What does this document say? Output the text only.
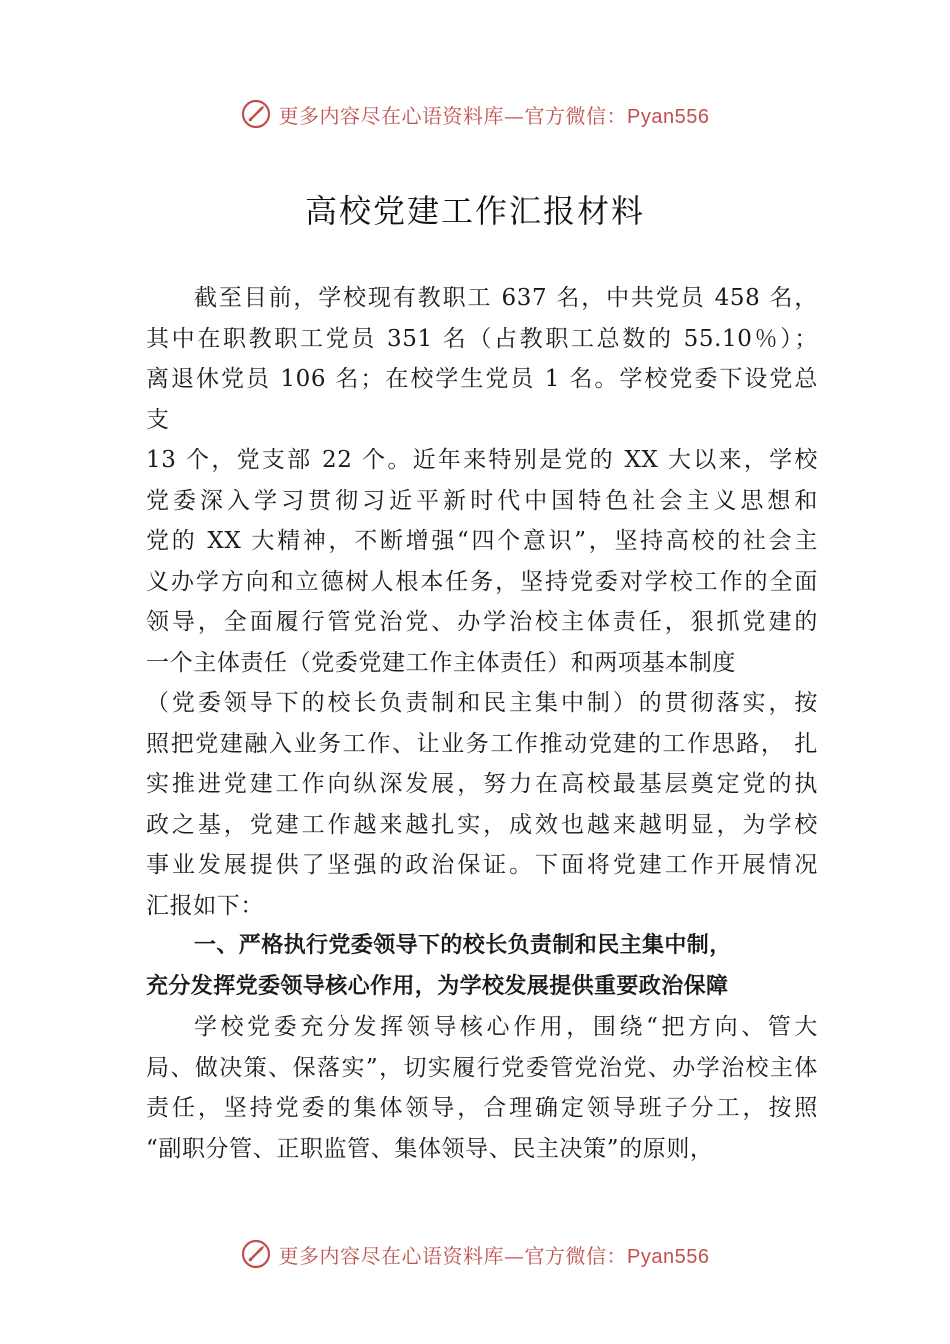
更多内容尽在心语资料库—官方微信：Pyan556
高校党建工作汇报材料
截至目前，学校现有教职工 637 名，中共党员 458 名，
其中在职教职工党员 351 名（占教职工总数的 55.10％）；
离退休党员 106 名；在校学生党员 1 名。学校党委下设党总
支
13 个，党支部 22 个。近年来特别是党的 XX 大以来，学校
党委深入学习贯彻习近平新时代中国特色社会主义思想和
党的 XX 大精神，不断增强“四个意识”，坚持高校的社会主
义办学方向和立德树人根本任务，坚持党委对学校工作的全面
领导，全面履行管党治党、办学治校主体责任，狠抓党建的
一个主体责任（党委党建工作主体责任）和两项基本制度
（党委领导下的校长负责制和民主集中制）的贯彻落实，按
照把党建融入业务工作、让业务工作推动党建的工作思路， 扎
实推进党建工作向纵深发展，努力在高校最基层奠定党的执
政之基，党建工作越来越扎实，成效也越来越明显，为学校
事业发展提供了坚强的政治保证。下面将党建工作开展情况
汇报如下：
一、严格执行党委领导下的校长负责制和民主集中制，
充分发挥党委领导核心作用，为学校发展提供重要政治保障
学校党委充分发挥领导核心作用，围绕“把方向、管大
局、做决策、保落实”，切实履行党委管党治党、办学治校主体
责任，坚持党委的集体领导，合理确定领导班子分工，按照
“副职分管、正职监管、集体领导、民主决策”的原则，
更多内容尽在心语资料库—官方微信：Pyan556
